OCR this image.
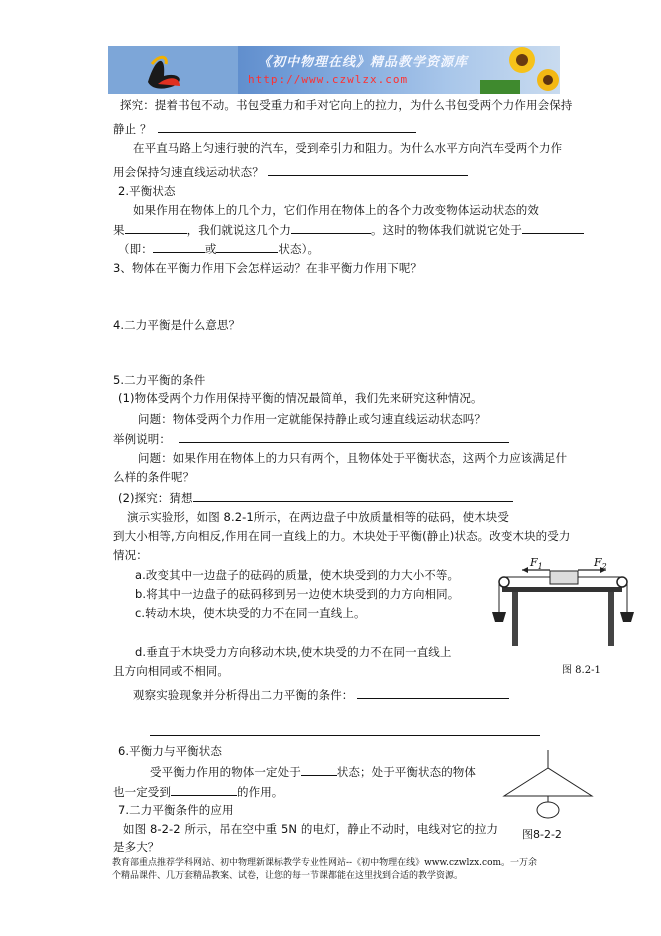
《初中物理在线》精品教学资源库
http://www.czwlzx.com
探究：提着书包不动。书包受重力和手对它向上的拉力，为什么书包受两个力作用会保持
静止 ？
在平直马路上匀速行驶的汽车，受到牵引力和阻力。为什么水平方向汽车受两个力作
用会保持匀速直线运动状态？
2.平衡状态
如果作用在物体上的几个力，它们作用在物体上的各个力改变物体运动状态的效
果	，我们就说这几个力	。这时的物体我们就说它处于
（即：	或	状态）。
3、物体在平衡力作用下会怎样运动？在非平衡力作用下呢？
4.二力平衡是什么意思？
5.二力平衡的条件
(1)物体受两个力作用保持平衡的情况最简单，我们先来研究这种情况。
问题：物体受两个力作用一定就能保持静止或匀速直线运动状态吗？
举例说明：
问题：如果作用在物体上的力只有两个，且物体处于平衡状态，这两个力应该满足什
么样的条件呢？
(2)探究：猜想
演示实验形，如图 8.2-1所示，在两边盘子中放质量相等的砝码，使木块受
到大小相等,方向相反,作用在同一直线上的力。木块处于平衡(静止)状态。改变木块的受力
情况：
a.改变其中一边盘子的砝码的质量，使木块受到的力大小不等。
b.将其中一边盘子的砝码移到另一边使木块受到的力方向相同。
c.转动木块，使木块受的力不在同一直线上。
d.垂直于木块受力方向移动木块,使木块受的力不在同一直线上
且方向相同或不相同。
观察实验现象并分析得出二力平衡的条件：
$F_1$	$F_2$
图 8.2-1
6.平衡力与平衡状态
受平衡力作用的物体一定处于	状态；处于平衡状态的物体
也一定受到	的作用。
7.二力平衡条件的应用
如图 8-2-2 所示，吊在空中重 5N 的电灯，静止不动时，电线对它的拉力
是多大？
图8-2-2
教育部重点推荐学科网站、初中物理新课标教学专业性网站--《初中物理在线》www.czwlzx.com。一万余
个精品课件、几万套精品教案、试卷，让您的每一节课都能在这里找到合适的教学资源。
